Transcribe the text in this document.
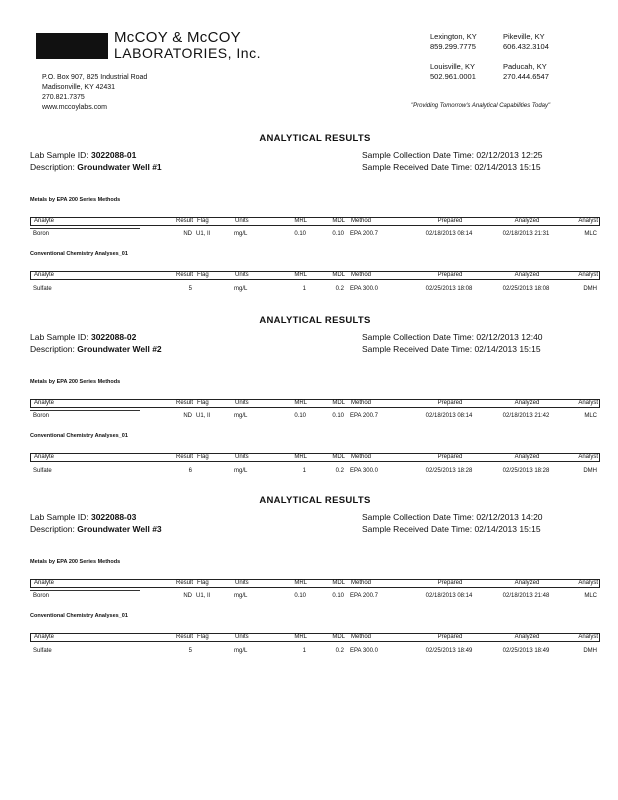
McCOY & McCOY
LABORATORIES, Inc.
P.O. Box 907, 825 Industrial Road
Madisonville, KY 42431
270.821.7375
www.mccoylabs.com
Lexington, KY
859.299.7775
Pikeville, KY
606.432.3104
Louisville, KY
502.961.0001
Paducah, KY
270.444.6547
"Providing Tomorrow's Analytical Capabilities Today"
ANALYTICAL RESULTS
Lab Sample ID: 3022088-01
Description: Groundwater Well #1
Sample Collection Date Time: 02/12/2013 12:25
Sample Received Date Time: 02/14/2013 15:15
Metals by EPA 200 Series Methods
Analyte	Result Flag	Units	MRL	MDL Method	Prepared	Analyzed	Analyst
Boron	ND U1, Il	mg/L	0.10	0.10 EPA 200.7	02/18/2013 08:14	02/18/2013 21:31	MLC
Conventional Chemistry Analyses_01
Analyte	Result Flag	Units	MRL	MDL Method	Prepared	Analyzed	Analyst
Sulfate	5	mg/L	1	0.2 EPA 300.0	02/25/2013 18:08	02/25/2013 18:08	DMH
ANALYTICAL RESULTS
Lab Sample ID: 3022088-02
Description: Groundwater Well #2
Sample Collection Date Time: 02/12/2013 12:40
Sample Received Date Time: 02/14/2013 15:15
Metals by EPA 200 Series Methods
Analyte	Result Flag	Units	MRL	MDL Method	Prepared	Analyzed	Analyst
Boron	ND U1, Il	mg/L	0.10	0.10 EPA 200.7	02/18/2013 08:14	02/18/2013 21:42	MLC
Conventional Chemistry Analyses_01
Analyte	Result Flag	Units	MRL	MDL Method	Prepared	Analyzed	Analyst
Sulfate	6	mg/L	1	0.2 EPA 300.0	02/25/2013 18:28	02/25/2013 18:28	DMH
ANALYTICAL RESULTS
Lab Sample ID: 3022088-03
Description: Groundwater Well #3
Sample Collection Date Time: 02/12/2013 14:20
Sample Received Date Time: 02/14/2013 15:15
Metals by EPA 200 Series Methods
Analyte	Result Flag	Units	MRL	MDL Method	Prepared	Analyzed	Analyst
Boron	ND U1, Il	mg/L	0.10	0.10 EPA 200.7	02/18/2013 08:14	02/18/2013 21:48	MLC
Conventional Chemistry Analyses_01
Analyte	Result Flag	Units	MRL	MDL Method	Prepared	Analyzed	Analyst
Sulfate	5	mg/L	1	0.2 EPA 300.0	02/25/2013 18:49	02/25/2013 18:49	DMH
